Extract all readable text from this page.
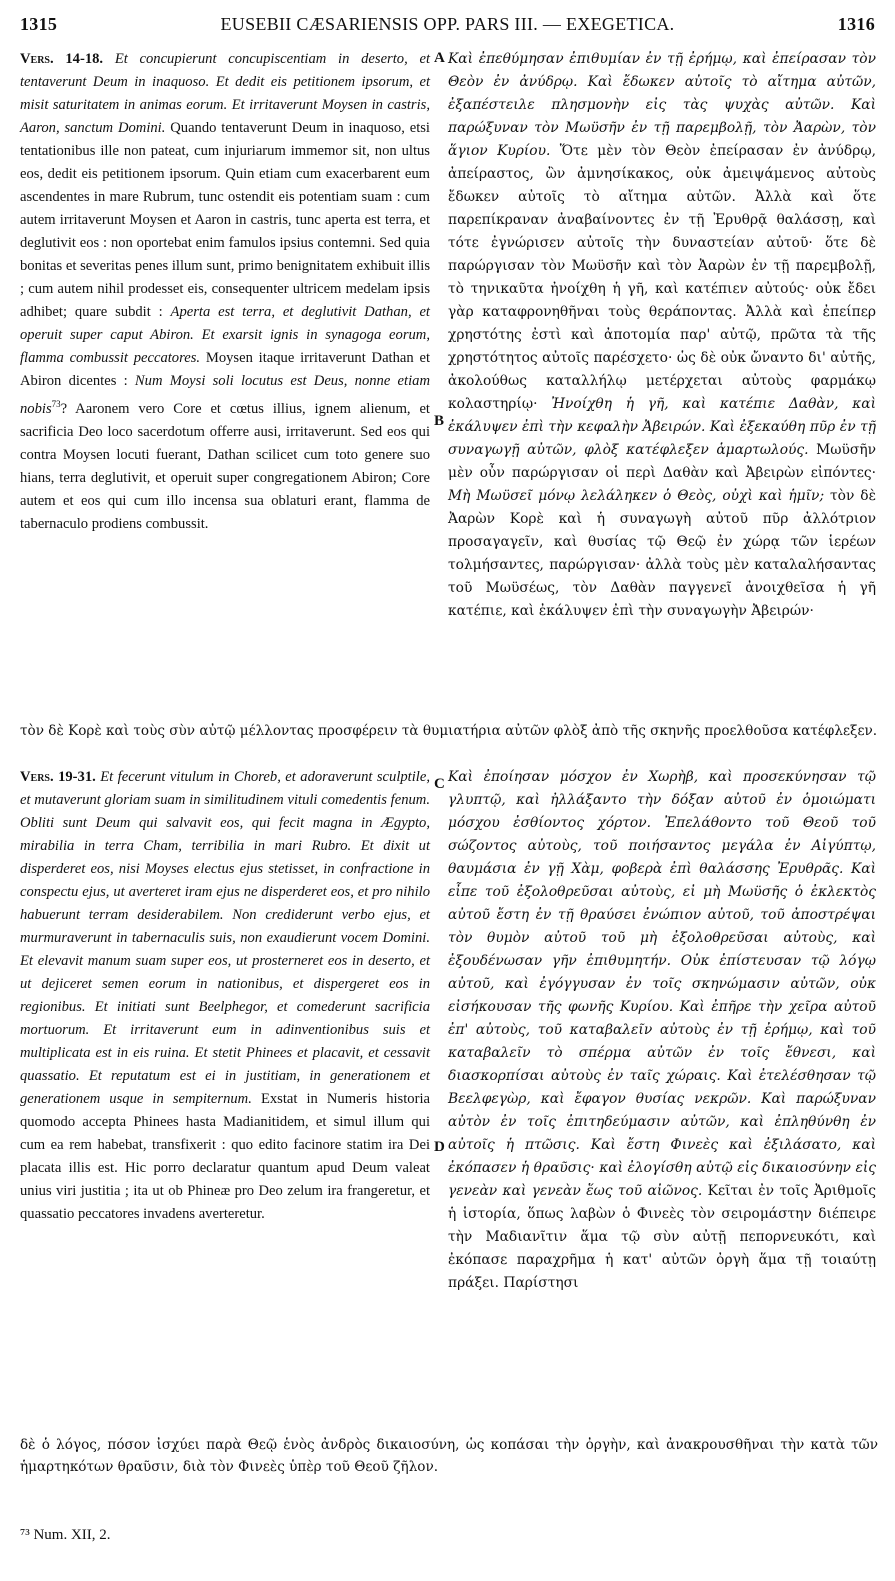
1315	EUSEBII CÆSARIENSIS OPP. PARS III. — EXEGETICA.	1316

Vers. 14-18. Et concupierunt concupiscentiam in deserto, et tentaverunt Deum in inaquoso. Et dedit eis petitionem ipsorum, et misit saturitatem in animas eorum. Et irritaverunt Moysen in castris, Aaron, sanctum Domini. Quando tentaverunt Deum in inaquoso, etsi tentationibus ille non pateat, cum injuriarum immemor sit, non ultus eos, dedit eis petitionem ipsorum. Quin etiam cum exacerbarent eum ascendentes in mare Rubrum, tunc ostendit eis potentiam suam : cum autem irritaverunt Moysen et Aaron in castris, tunc aperta est terra, et deglutivit eos : non oportebat enim famulos ipsius contemni. Sed quia bonitas et severitas penes illum sunt, primo benignitatem exhibuit illis ; cum autem nihil prodesset eis, consequenter ultricem medelam ipsis adhibet; quare subdit : Aperta est terra, et deglutivit Dathan, et operuit super caput Abiron. Et exarsit ignis in synagoga eorum, flamma combussit peccatores. Moysen itaque irritaverunt Dathan et Abiron dicentes : Num Moysi soli locutus est Deus, nonne etiam nobis$^{73}$? Aaronem vero Core et cœtus illius, ignem alienum, et sacrificia Deo loco sacerdotum offerre ausi, irritaverunt. Sed eos qui contra Moysen locuti fuerant, Dathan scilicet cum toto genere suo hians, terra deglutivit, et operuit super congregationem Abiron; Core autem et eos qui cum illo incensa sua oblaturi erant, flamma de tabernaculo prodiens combussit.

Καὶ ἐπεθύμησαν ἐπιθυμίαν ἐν τῇ ἐρήμῳ, καὶ ἐπείρασαν τὸν Θεὸν ἐν ἀνύδρῳ. Καὶ ἔδωκεν αὐτοῖς τὸ αἴτημα αὐτῶν, ἐξαπέστειλε πλησμονὴν εἰς τὰς ψυχὰς αὐτῶν. Καὶ παρώξυναν τὸν Μωϋσῆν ἐν τῇ παρεμβολῇ, τὸν Ἀαρὼν, τὸν ἅγιον Κυρίου. Ὅτε μὲν τὸν Θεὸν ἐπείρασαν ἐν ἀνύδρῳ, ἀπείραστος, ὢν ἀμνησίκακος, οὐκ ἀμειψάμενος αὐτοὺς ἔδωκεν αὐτοῖς τὸ αἴτημα αὐτῶν. Ἀλλὰ καὶ ὅτε παρεπίκραναν ἀναβαίνοντες ἐν τῇ Ἐρυθρᾷ θαλάσσῃ, καὶ τότε ἐγνώρισεν αὐτοῖς τὴν δυναστείαν αὐτοῦ· ὅτε δὲ παρώργισαν τὸν Μωϋσῆν καὶ τὸν Ἀαρὼν ἐν τῇ παρεμβολῇ, τὸ τηνικαῦτα ἠνοίχθη ἡ γῆ, καὶ κατέπιεν αὐτούς· οὐκ ἔδει γὰρ καταφρονηθῆναι τοὺς θεράποντας. Ἀλλὰ καὶ ἐπείπερ χρηστότης ἐστὶ καὶ ἀποτομία παρ' αὐτῷ, πρῶτα τὰ τῆς χρηστότητος αὐτοῖς παρέσχετο· ὡς δὲ οὐκ ὤναντο δι' αὐτῆς, ἀκολούθως καταλλήλῳ μετέρχεται αὐτοὺς φαρμάκῳ κολαστηρίῳ· Ἠνοίχθη ἡ γῆ, καὶ κατέπιε Δαθὰν, καὶ ἐκάλυψεν ἐπὶ τὴν κεφαλὴν Ἀβειρών. Καὶ ἐξεκαύθη πῦρ ἐν τῇ συναγωγῇ αὐτῶν, φλὸξ κατέφλεξεν ἁμαρτωλούς. Μωϋσῆν μὲν οὖν παρώργισαν οἱ περὶ Δαθὰν καὶ Ἀβειρὼν εἰπόντες· Μὴ Μωϋσεῖ μόνῳ λελάληκεν ὁ Θεὸς, οὐχὶ καὶ ἡμῖν; τὸν δὲ Ἀαρὼν Κορὲ καὶ ἡ συναγωγὴ αὐτοῦ πῦρ ἀλλότριον προσαγαγεῖν, καὶ θυσίας τῷ Θεῷ ἐν χώρᾳ τῶν ἱερέων τολμήσαντες, παρώργισαν· ἀλλὰ τοὺς μὲν καταλαλήσαντας τοῦ Μωϋσέως, τὸν Δαθὰν παγγενεῖ ἀνοιχθεῖσα ἡ γῆ κατέπιε, καὶ ἐκάλυψεν ἐπὶ τὴν συναγωγὴν Ἀβειρών·

A
B
τὸν δὲ Κορὲ καὶ τοὺς σὺν αὐτῷ μέλλοντας προσφέρειν τὰ θυμιατήρια αὐτῶν φλὸξ ἀπὸ τῆς σκηνῆς προελθοῦσα κατέφλεξεν.

Vers. 19-31. Et fecerunt vitulum in Choreb, et adoraverunt sculptile, et mutaverunt gloriam suam in similitudinem vituli comedentis fenum. Obliti sunt Deum qui salvavit eos, qui fecit magna in Ægypto, mirabilia in terra Cham, terribilia in mari Rubro. Et dixit ut disperderet eos, nisi Moyses electus ejus stetisset, in confractione in conspectu ejus, ut averteret iram ejus ne disperderet eos, et pro nihilo habuerunt terram desiderabilem. Non crediderunt verbo ejus, et murmuraverunt in tabernaculis suis, non exaudierunt vocem Domini. Et elevavit manum suam super eos, ut prosterneret eos in deserto, et ut dejiceret semen eorum in nationibus, et dispergeret eos in regionibus. Et initiati sunt Beelphegor, et comederunt sacrificia mortuorum. Et irritaverunt eum in adinventionibus suis et multiplicata est in eis ruina. Et stetit Phinees et placavit, et cessavit quassatio. Et reputatum est ei in justitiam, in generationem et generationem usque in sempiternum. Exstat in Numeris historia quomodo accepta Phinees hasta Madianitidem, et simul illum qui cum ea rem habebat, transfixerit : quo edito facinore statim ira Dei placata illis est. Hic porro declaratur quantum apud Deum valeat unius viri justitia ; ita ut ob Phineæ pro Deo zelum ira frangeretur, et quassatio peccatores invadens averteretur.

Καὶ ἐποίησαν μόσχον ἐν Χωρὴβ, καὶ προσεκύνησαν τῷ γλυπτῷ, καὶ ἠλλάξαντο τὴν δόξαν αὐτοῦ ἐν ὁμοιώματι μόσχου ἐσθίοντος χόρτον. Ἐπελάθοντο τοῦ Θεοῦ τοῦ σώζοντος αὐτοὺς, τοῦ ποιήσαντος μεγάλα ἐν Αἰγύπτῳ, θαυμάσια ἐν γῇ Χὰμ, φοβερὰ ἐπὶ θαλάσσης Ἐρυθρᾶς. Καὶ εἶπε τοῦ ἐξολοθρεῦσαι αὐτοὺς, εἰ μὴ Μωϋσῆς ὁ ἐκλεκτὸς αὐτοῦ ἔστη ἐν τῇ θραύσει ἐνώπιον αὐτοῦ, τοῦ ἀποστρέψαι τὸν θυμὸν αὐτοῦ τοῦ μὴ ἐξολοθρεῦσαι αὐτοὺς, καὶ ἐξουδένωσαν γῆν ἐπιθυμητήν. Οὐκ ἐπίστευσαν τῷ λόγῳ αὐτοῦ, καὶ ἐγόγγυσαν ἐν τοῖς σκηνώμασιν αὐτῶν, οὐκ εἰσήκουσαν τῆς φωνῆς Κυρίου. Καὶ ἐπῆρε τὴν χεῖρα αὐτοῦ ἐπ' αὐτοὺς, τοῦ καταβαλεῖν αὐτοὺς ἐν τῇ ἐρήμῳ, καὶ τοῦ καταβαλεῖν τὸ σπέρμα αὐτῶν ἐν τοῖς ἔθνεσι, καὶ διασκορπίσαι αὐτοὺς ἐν ταῖς χώραις. Καὶ ἐτελέσθησαν τῷ Βεελφεγὼρ, καὶ ἔφαγον θυσίας νεκρῶν. Καὶ παρώξυναν αὐτὸν ἐν τοῖς ἐπιτηδεύμασιν αὐτῶν, καὶ ἐπληθύνθη ἐν αὐτοῖς ἡ πτῶσις. Καὶ ἔστη Φινεὲς καὶ ἐξιλάσατο, καὶ ἐκόπασεν ἡ θραῦσις· καὶ ἐλογίσθη αὐτῷ εἰς δικαιοσύνην εἰς γενεὰν καὶ γενεὰν ἕως τοῦ αἰῶνος. Κεῖται ἐν τοῖς Ἀριθμοῖς ἡ ἱστορία, ὅπως λαβὼν ὁ Φινεὲς τὸν σειρομάστην διέπειρε τὴν Μαδιανῖτιν ἅμα τῷ σὺν αὐτῇ πεπορνευκότι, καὶ ἐκόπασε παραχρῆμα ἡ κατ' αὐτῶν ὀργὴ ἅμα τῇ τοιαύτῃ πράξει. Παρίστησι

C
D
δὲ ὁ λόγος, πόσον ἰσχύει παρὰ Θεῷ ἑνὸς ἀνδρὸς δικαιοσύνη, ὡς κοπάσαι τὴν ὀργὴν, καὶ ἀνακρουσθῆναι τὴν κατὰ τῶν ἡμαρτηκότων θραῦσιν, διὰ τὸν Φινεὲς ὑπὲρ τοῦ Θεοῦ ζῆλον.
⁷³ Num. XII, 2.
